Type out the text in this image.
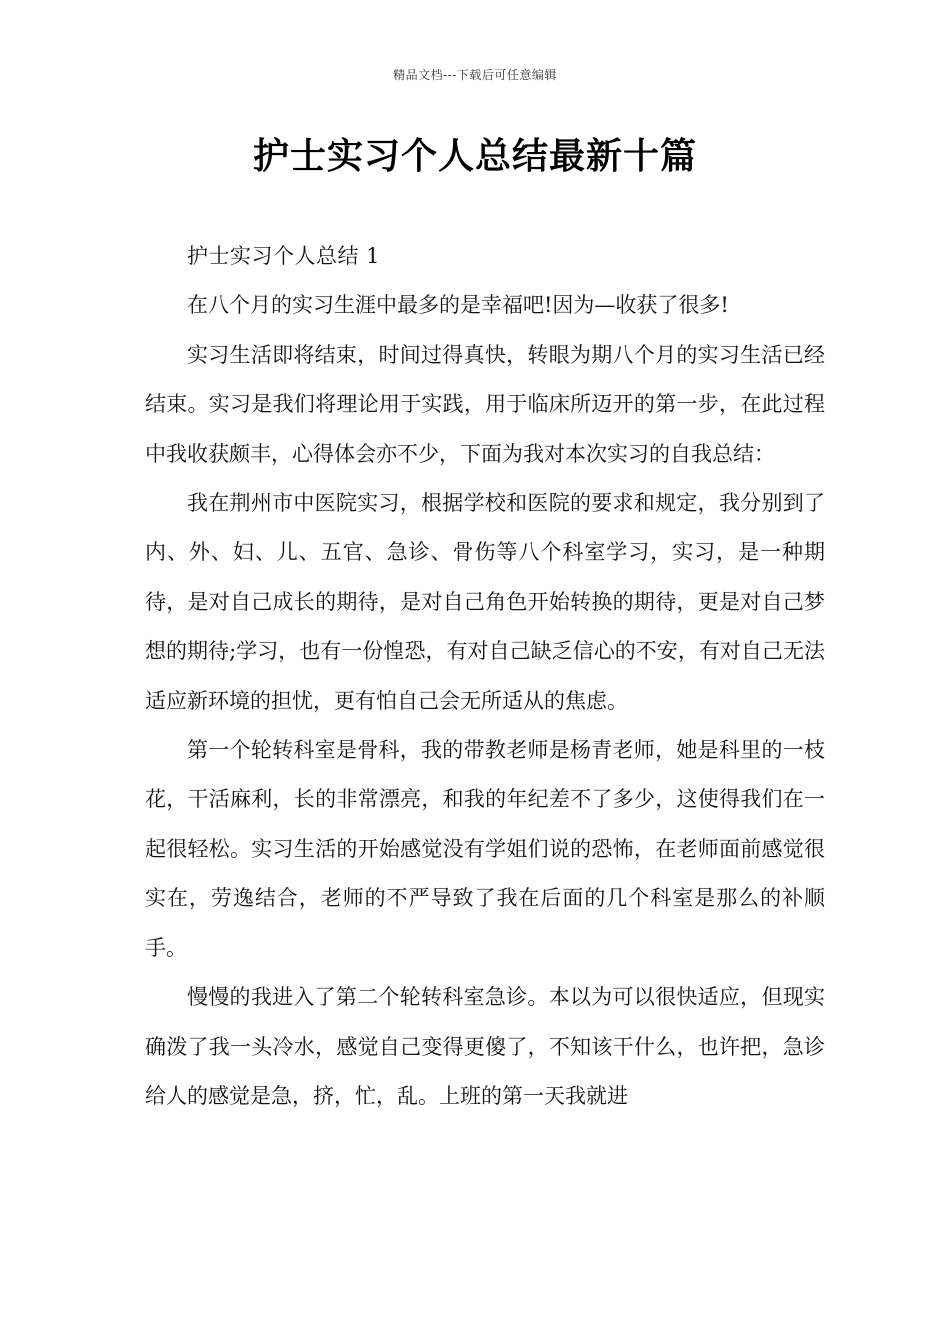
精品文档---下载后可任意编辑
护士实习个人总结最新十篇

护士实习个人总结 1

在八个月的实习生涯中最多的是幸福吧!因为—收获了很多!

实习生活即将结束，时间过得真快，转眼为期八个月的实习生活已经结束。实习是我们将理论用于实践，用于临床所迈开的第一步，在此过程中我收获颇丰，心得体会亦不少，下面为我对本次实习的自我总结：

我在荆州市中医院实习，根据学校和医院的要求和规定，我分别到了内、外、妇、儿、五官、急诊、骨伤等八个科室学习，实习，是一种期待，是对自己成长的期待，是对自己角色开始转换的期待，更是对自己梦想的期待;学习，也有一份惶恐，有对自己缺乏信心的不安，有对自己无法适应新环境的担忧，更有怕自己会无所适从的焦虑。

第一个轮转科室是骨科，我的带教老师是杨青老师，她是科里的一枝花，干活麻利，长的非常漂亮，和我的年纪差不了多少，这使得我们在一起很轻松。实习生活的开始感觉没有学姐们说的恐怖，在老师面前感觉很实在，劳逸结合，老师的不严导致了我在后面的几个科室是那么的补顺手。

慢慢的我进入了第二个轮转科室急诊。本以为可以很快适应，但现实确泼了我一头冷水，感觉自己变得更傻了，不知该干什么，也许把，急诊给人的感觉是急，挤，忙，乱。上班的第一天我就进
